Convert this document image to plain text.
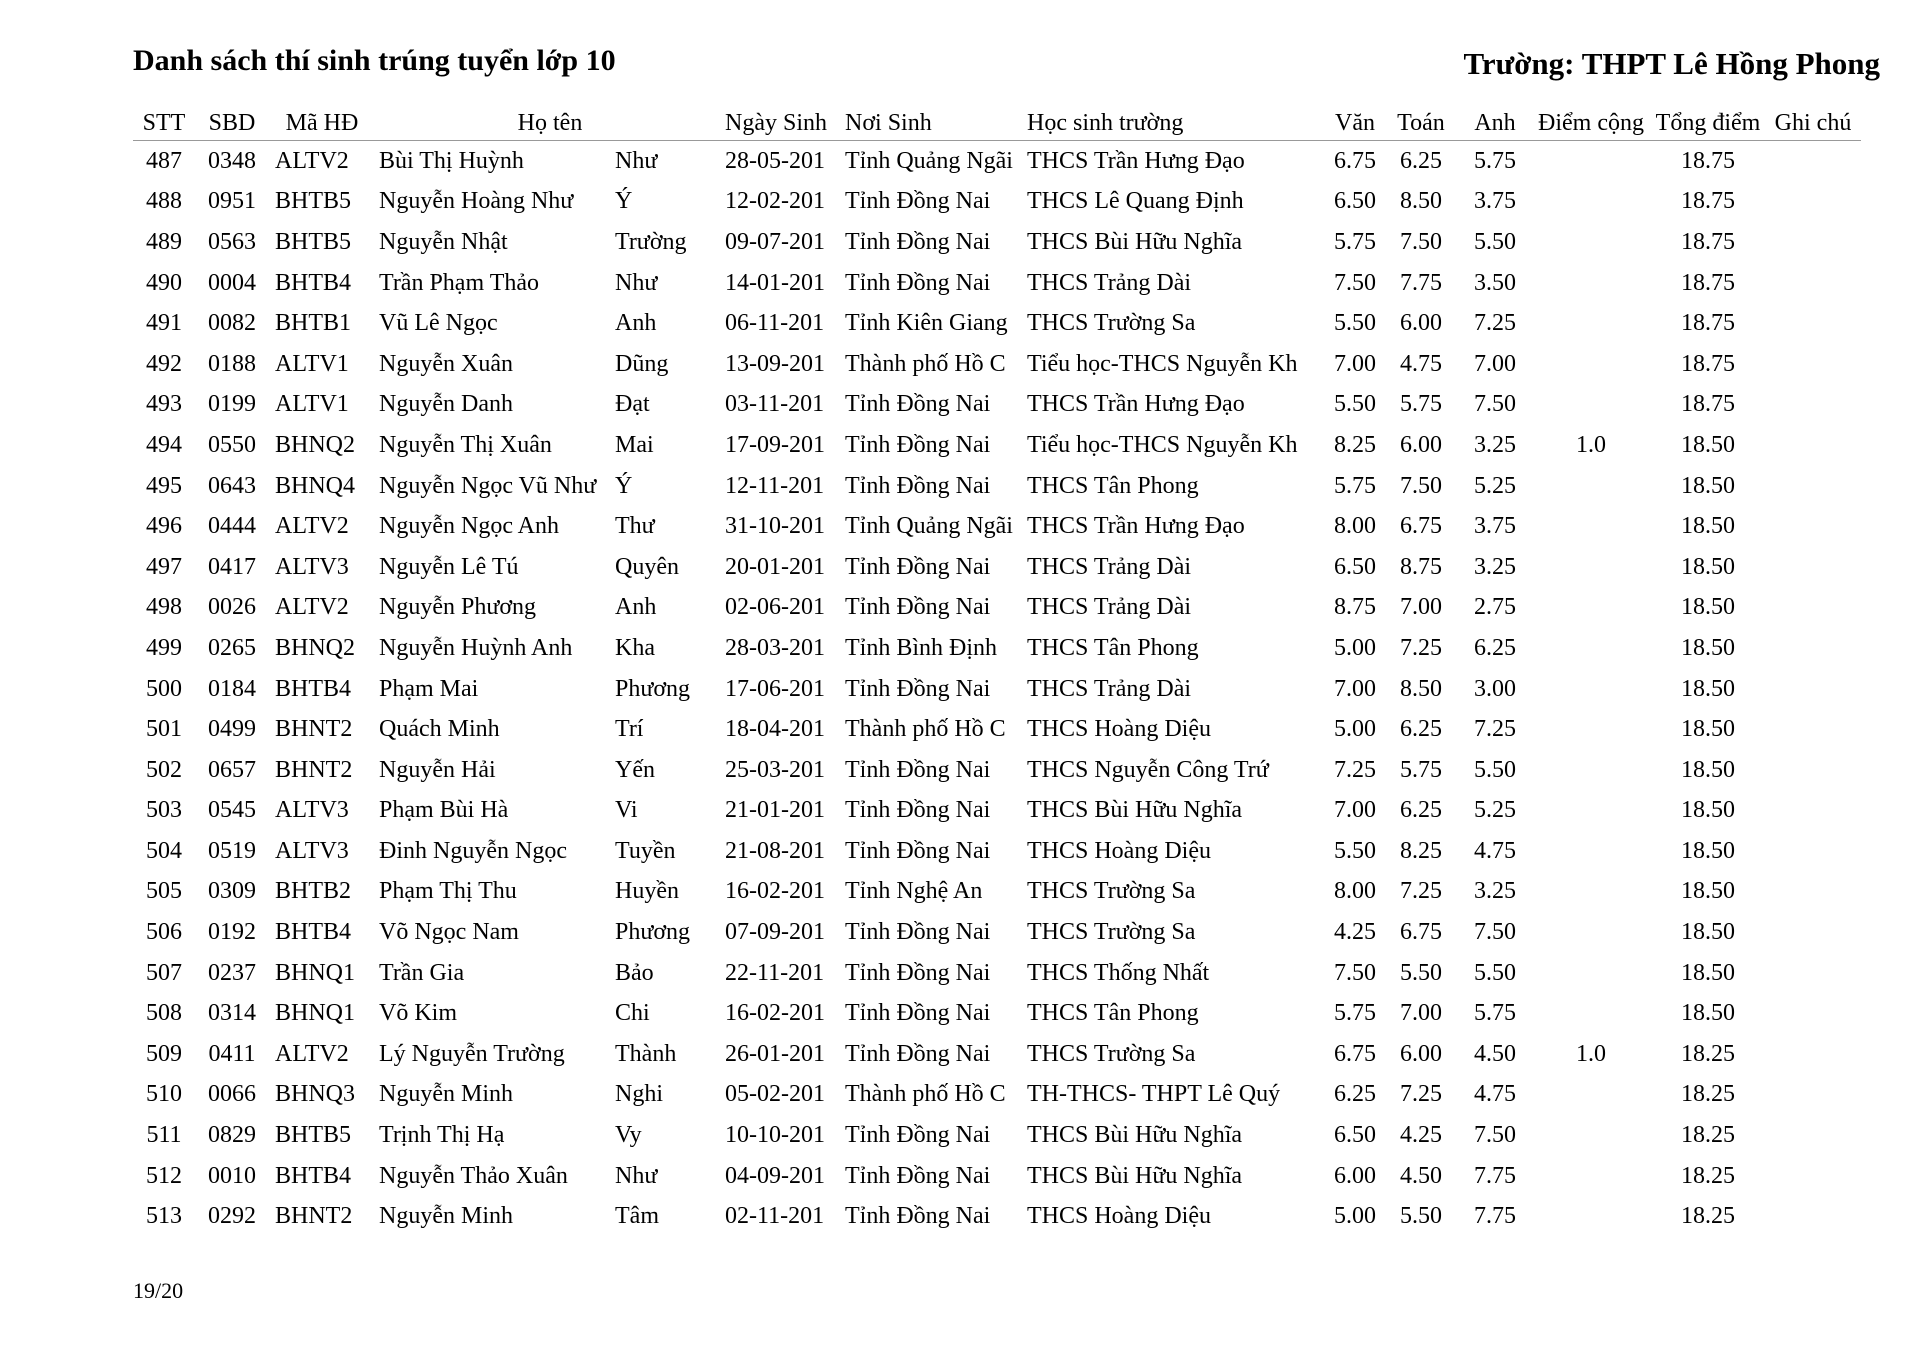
Danh sách thí sinh trúng tuyển lớp 10	Trường: THPT Lê Hồng Phong
STT	SBD	Mã HĐ	Họ tên		Ngày Sinh	Nơi Sinh	Học sinh trường	Văn	Toán	Anh	Điểm cộng	Tổng điểm	Ghi chú
487	0348	ALTV2	Bùi Thị Huỳnh	Như	28-05-201	Tỉnh Quảng Ngãi	THCS Trần Hưng Đạo	6.75	6.25	5.75		18.75	
488	0951	BHTB5	Nguyễn Hoàng Như	Ý	12-02-201	Tỉnh Đồng Nai	THCS Lê Quang Định	6.50	8.50	3.75		18.75	
489	0563	BHTB5	Nguyễn Nhật	Trường	09-07-201	Tỉnh Đồng Nai	THCS Bùi Hữu Nghĩa	5.75	7.50	5.50		18.75	
490	0004	BHTB4	Trần Phạm Thảo	Như	14-01-201	Tỉnh Đồng Nai	THCS Trảng Dài	7.50	7.75	3.50		18.75	
491	0082	BHTB1	Vũ Lê Ngọc	Anh	06-11-201	Tỉnh Kiên Giang	THCS Trường Sa	5.50	6.00	7.25		18.75	
492	0188	ALTV1	Nguyễn Xuân	Dũng	13-09-201	Thành phố Hồ C	Tiểu học-THCS Nguyễn Kh	7.00	4.75	7.00		18.75	
493	0199	ALTV1	Nguyễn Danh	Đạt	03-11-201	Tỉnh Đồng Nai	THCS Trần Hưng Đạo	5.50	5.75	7.50		18.75	
494	0550	BHNQ2	Nguyễn Thị Xuân	Mai	17-09-201	Tỉnh Đồng Nai	Tiểu học-THCS Nguyễn Kh	8.25	6.00	3.25	1.0	18.50	
495	0643	BHNQ4	Nguyễn Ngọc Vũ Như	Ý	12-11-201	Tỉnh Đồng Nai	THCS Tân Phong	5.75	7.50	5.25		18.50	
496	0444	ALTV2	Nguyễn Ngọc Anh	Thư	31-10-201	Tỉnh Quảng Ngãi	THCS Trần Hưng Đạo	8.00	6.75	3.75		18.50	
497	0417	ALTV3	Nguyễn Lê Tú	Quyên	20-01-201	Tỉnh Đồng Nai	THCS Trảng Dài	6.50	8.75	3.25		18.50	
498	0026	ALTV2	Nguyễn Phương	Anh	02-06-201	Tỉnh Đồng Nai	THCS Trảng Dài	8.75	7.00	2.75		18.50	
499	0265	BHNQ2	Nguyễn Huỳnh Anh	Kha	28-03-201	Tỉnh Bình Định	THCS Tân Phong	5.00	7.25	6.25		18.50	
500	0184	BHTB4	Phạm Mai	Phương	17-06-201	Tỉnh Đồng Nai	THCS Trảng Dài	7.00	8.50	3.00		18.50	
501	0499	BHNT2	Quách Minh	Trí	18-04-201	Thành phố Hồ C	THCS Hoàng Diệu	5.00	6.25	7.25		18.50	
502	0657	BHNT2	Nguyễn Hải	Yến	25-03-201	Tỉnh Đồng Nai	THCS Nguyễn Công Trứ	7.25	5.75	5.50		18.50	
503	0545	ALTV3	Phạm Bùi Hà	Vi	21-01-201	Tỉnh Đồng Nai	THCS Bùi Hữu Nghĩa	7.00	6.25	5.25		18.50	
504	0519	ALTV3	Đinh Nguyễn Ngọc	Tuyền	21-08-201	Tỉnh Đồng Nai	THCS Hoàng Diệu	5.50	8.25	4.75		18.50	
505	0309	BHTB2	Phạm Thị Thu	Huyền	16-02-201	Tỉnh Nghệ An	THCS Trường Sa	8.00	7.25	3.25		18.50	
506	0192	BHTB4	Võ Ngọc Nam	Phương	07-09-201	Tỉnh Đồng Nai	THCS Trường Sa	4.25	6.75	7.50		18.50	
507	0237	BHNQ1	Trần Gia	Bảo	22-11-201	Tỉnh Đồng Nai	THCS Thống Nhất	7.50	5.50	5.50		18.50	
508	0314	BHNQ1	Võ Kim	Chi	16-02-201	Tỉnh Đồng Nai	THCS Tân Phong	5.75	7.00	5.75		18.50	
509	0411	ALTV2	Lý Nguyễn Trường	Thành	26-01-201	Tỉnh Đồng Nai	THCS Trường Sa	6.75	6.00	4.50	1.0	18.25	
510	0066	BHNQ3	Nguyễn Minh	Nghi	05-02-201	Thành phố Hồ C	TH-THCS- THPT Lê Quý	6.25	7.25	4.75		18.25	
511	0829	BHTB5	Trịnh Thị Hạ	Vy	10-10-201	Tỉnh Đồng Nai	THCS Bùi Hữu Nghĩa	6.50	4.25	7.50		18.25	
512	0010	BHTB4	Nguyễn Thảo Xuân	Như	04-09-201	Tỉnh Đồng Nai	THCS Bùi Hữu Nghĩa	6.00	4.50	7.75		18.25	
513	0292	BHNT2	Nguyễn Minh	Tâm	02-11-201	Tỉnh Đồng Nai	THCS Hoàng Diệu	5.00	5.50	7.75		18.25	
19/20
